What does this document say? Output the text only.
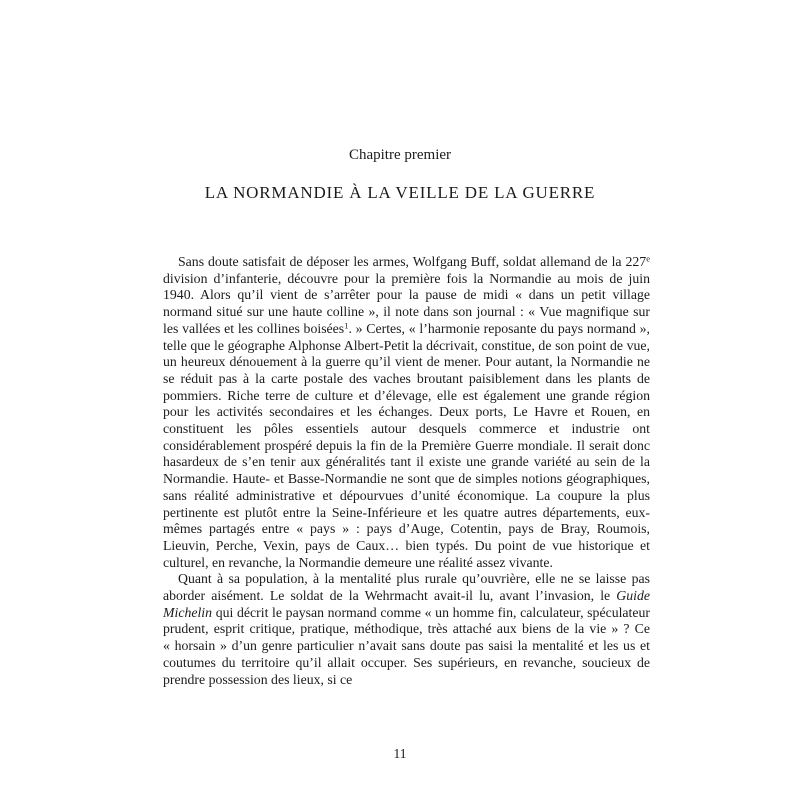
Chapitre premier
LA NORMANDIE À LA VEILLE DE LA GUERRE

Sans doute satisfait de déposer les armes, Wolfgang Buff, soldat allemand de la 227e division d’infanterie, découvre pour la première fois la Normandie au mois de juin 1940. Alors qu’il vient de s’arrêter pour la pause de midi « dans un petit village normand situé sur une haute colline », il note dans son journal : « Vue magnifique sur les vallées et les collines boisées$^1$. » Certes, « l’harmonie reposante du pays normand », telle que le géographe Alphonse Albert-Petit la décrivait, constitue, de son point de vue, un heureux dénouement à la guerre qu’il vient de mener. Pour autant, la Normandie ne se réduit pas à la carte postale des vaches broutant paisiblement dans les plants de pommiers. Riche terre de culture et d’élevage, elle est également une grande région pour les activités secondaires et les échanges. Deux ports, Le Havre et Rouen, en constituent les pôles essentiels autour desquels commerce et industrie ont considérablement prospéré depuis la fin de la Première Guerre mondiale. Il serait donc hasardeux de s’en tenir aux généralités tant il existe une grande variété au sein de la Normandie. Haute- et Basse-Normandie ne sont que de simples notions géographiques, sans réalité administrative et dépourvues d’unité économique. La coupure la plus pertinente est plutôt entre la Seine-Inférieure et les quatre autres départements, eux-mêmes partagés entre « pays » : pays d’Auge, Cotentin, pays de Bray, Roumois, Lieuvin, Perche, Vexin, pays de Caux… bien typés. Du point de vue historique et culturel, en revanche, la Normandie demeure une réalité assez vivante.

Quant à sa population, à la mentalité plus rurale qu’ouvrière, elle ne se laisse pas aborder aisément. Le soldat de la Wehrmacht avait-il lu, avant l’invasion, le Guide Michelin qui décrit le paysan normand comme « un homme fin, calculateur, spéculateur prudent, esprit critique, pratique, méthodique, très attaché aux biens de la vie » ? Ce « horsain » d’un genre particulier n’avait sans doute pas saisi la mentalité et les us et coutumes du territoire qu’il allait occuper. Ses supérieurs, en revanche, soucieux de prendre possession des lieux, si ce

11
